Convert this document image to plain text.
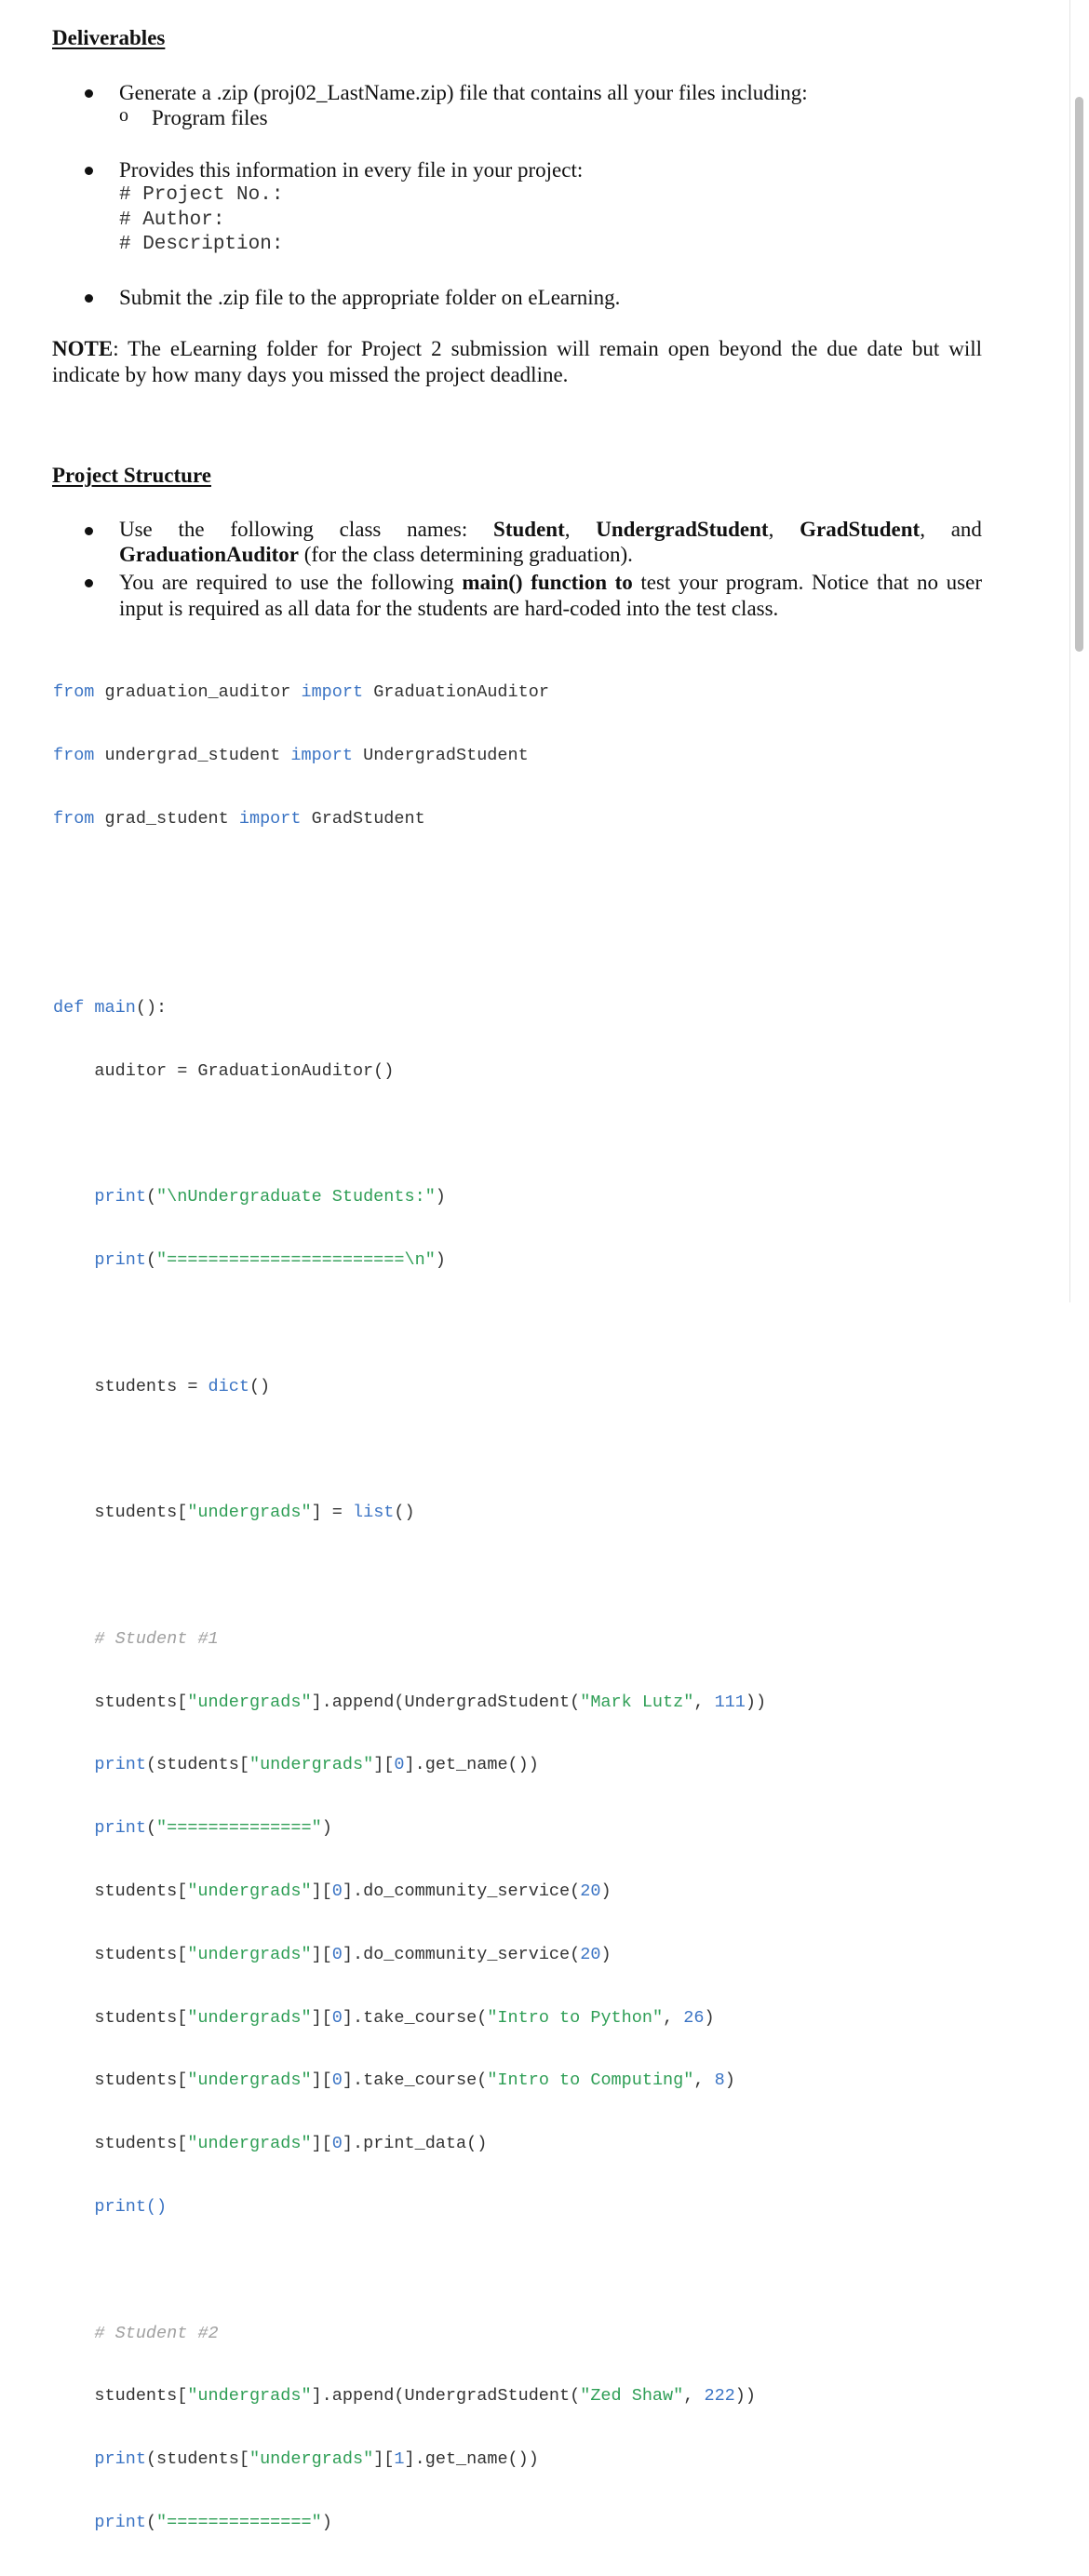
Deliverables
Generate a .zip (proj02_LastName.zip) file that contains all your files including:
o Program files
Provides this information in every file in your project:
# Project No.:
# Author:
# Description:
Submit the .zip file to the appropriate folder on eLearning.
NOTE: The eLearning folder for Project 2 submission will remain open beyond the due date but will
indicate by how many days you missed the project deadline.
Project Structure
Use the following class names: Student, UndergradStudent, GradStudent, and
GraduationAuditor (for the class determining graduation).
You are required to use the following main() function to test your program. Notice that no user
input is required as all data for the students are hard-coded into the test class.

from graduation_auditor import GraduationAuditor

from undergrad_student import UndergradStudent

from grad_student import GradStudent

def main():

auditor = GraduationAuditor()

print("\nUndergraduate Students:")

print("=======================\n")

students = dict()

students["undergrads"] = list()

# Student #1

students["undergrads"].append(UndergradStudent("Mark Lutz", 111))

print(students["undergrads"][0].get_name())

print("==============")

students["undergrads"][0].do_community_service(20)

students["undergrads"][0].do_community_service(20)

students["undergrads"][0].take_course("Intro to Python", 26)

students["undergrads"][0].take_course("Intro to Computing", 8)

students["undergrads"][0].print_data()

print()

# Student #2

students["undergrads"].append(UndergradStudent("Zed Shaw", 222))

print(students["undergrads"][1].get_name())

print("==============")
